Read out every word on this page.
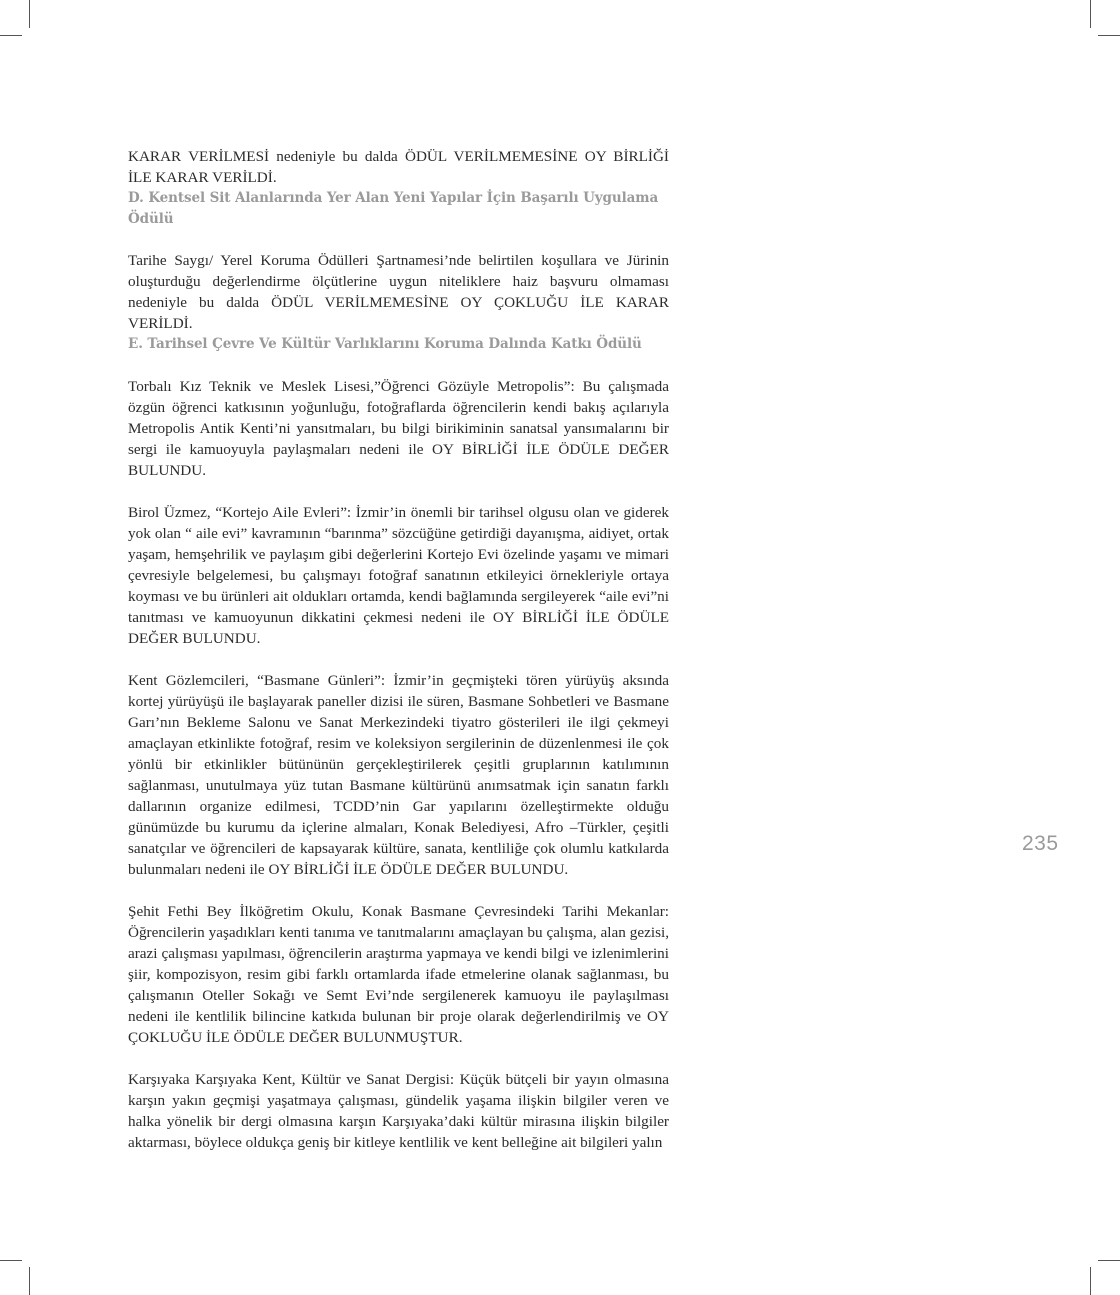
KARAR VERİLMESİ nedeniyle bu dalda ÖDÜL VERİLMEMESİNE OY BİRLİĞİ İLE KARAR VERİLDİ.

D. Kentsel Sit Alanlarında Yer Alan Yeni Yapılar İçin Başarılı Uygulama Ödülü

Tarihe Saygı/ Yerel Koruma Ödülleri Şartnamesi’nde belirtilen koşullara ve Jürinin oluşturduğu değerlendirme ölçütlerine uygun niteliklere haiz başvuru olmaması nedeniyle bu dalda ÖDÜL VERİLMEMESİNE OY ÇOKLUĞU İLE KARAR VERİLDİ.

E. Tarihsel Çevre Ve Kültür Varlıklarını Koruma Dalında Katkı Ödülü

Torbalı Kız Teknik ve Meslek Lisesi,”Öğrenci Gözüyle Metropolis”: Bu çalışmada özgün öğrenci katkısının yoğunluğu, fotoğraflarda öğrencilerin kendi bakış açılarıyla Metropolis Antik Kenti’ni yansıtmaları, bu bilgi birikiminin sanatsal yansımalarını bir sergi ile kamuoyuyla paylaşmaları nedeni ile OY BİRLİĞİ İLE ÖDÜLE DEĞER BULUNDU.

Birol Üzmez, “Kortejo Aile Evleri”: İzmir’in önemli bir tarihsel olgusu olan ve giderek yok olan “ aile evi” kavramının “barınma” sözcüğüne getirdiği dayanışma, aidiyet, ortak yaşam, hemşehrilik ve paylaşım gibi değerlerini Kortejo Evi özelinde yaşamı ve mimari çevresiyle belgelemesi, bu çalışmayı fotoğraf sanatının etkileyici örnekleriyle ortaya koyması ve bu ürünleri ait oldukları ortamda, kendi bağlamında sergileyerek “aile evi”ni tanıtması ve kamuoyunun dikkatini çekmesi nedeni ile OY BİRLİĞİ İLE ÖDÜLE DEĞER BULUNDU.

Kent Gözlemcileri, “Basmane Günleri”: İzmir’in geçmişteki tören yürüyüş aksında kortej yürüyüşü ile başlayarak paneller dizisi ile süren, Basmane Sohbetleri ve Basmane Garı’nın Bekleme Salonu ve Sanat Merkezindeki tiyatro gösterileri ile ilgi çekmeyi amaçlayan etkinlikte fotoğraf, resim ve koleksiyon sergilerinin de düzenlenmesi ile çok yönlü bir etkinlikler bütününün gerçekleştirilerek çeşitli gruplarının katılımının sağlanması, unutulmaya yüz tutan Basmane kültürünü anımsatmak için sanatın farklı dallarının organize edilmesi, TCDD’nin Gar yapılarını özelleştirmekte olduğu günümüzde bu kurumu da içlerine almaları, Konak Belediyesi, Afro –Türkler, çeşitli sanatçılar ve öğrencileri de kapsayarak kültüre, sanata, kentliliğe çok olumlu katkılarda bulunmaları nedeni ile OY BİRLİĞİ İLE ÖDÜLE DEĞER BULUNDU.

Şehit Fethi Bey İlköğretim Okulu, Konak Basmane Çevresindeki Tarihi Mekanlar: Öğrencilerin yaşadıkları kenti tanıma ve tanıtmalarını amaçlayan bu çalışma, alan gezisi, arazi çalışması yapılması, öğrencilerin araştırma yapmaya ve kendi bilgi ve izlenimlerini şiir, kompozisyon, resim gibi farklı ortamlarda ifade etmelerine olanak sağlanması, bu çalışmanın Oteller Sokağı ve Semt Evi’nde sergilenerek kamuoyu ile paylaşılması nedeni ile kentlilik bilincine katkıda bulunan bir proje olarak değerlendirilmiş ve OY ÇOKLUĞU İLE ÖDÜLE DEĞER BULUNMUŞTUR.

Karşıyaka Karşıyaka Kent, Kültür ve Sanat Dergisi: Küçük bütçeli bir yayın olmasına karşın yakın geçmişi yaşatmaya çalışması, gündelik yaşama ilişkin bilgiler veren ve halka yönelik bir dergi olmasına karşın Karşıyaka’daki kültür mirasına ilişkin bilgiler aktarması, böylece oldukça geniş bir kitleye kentlilik ve kent belleğine ait bilgileri yalın

235
